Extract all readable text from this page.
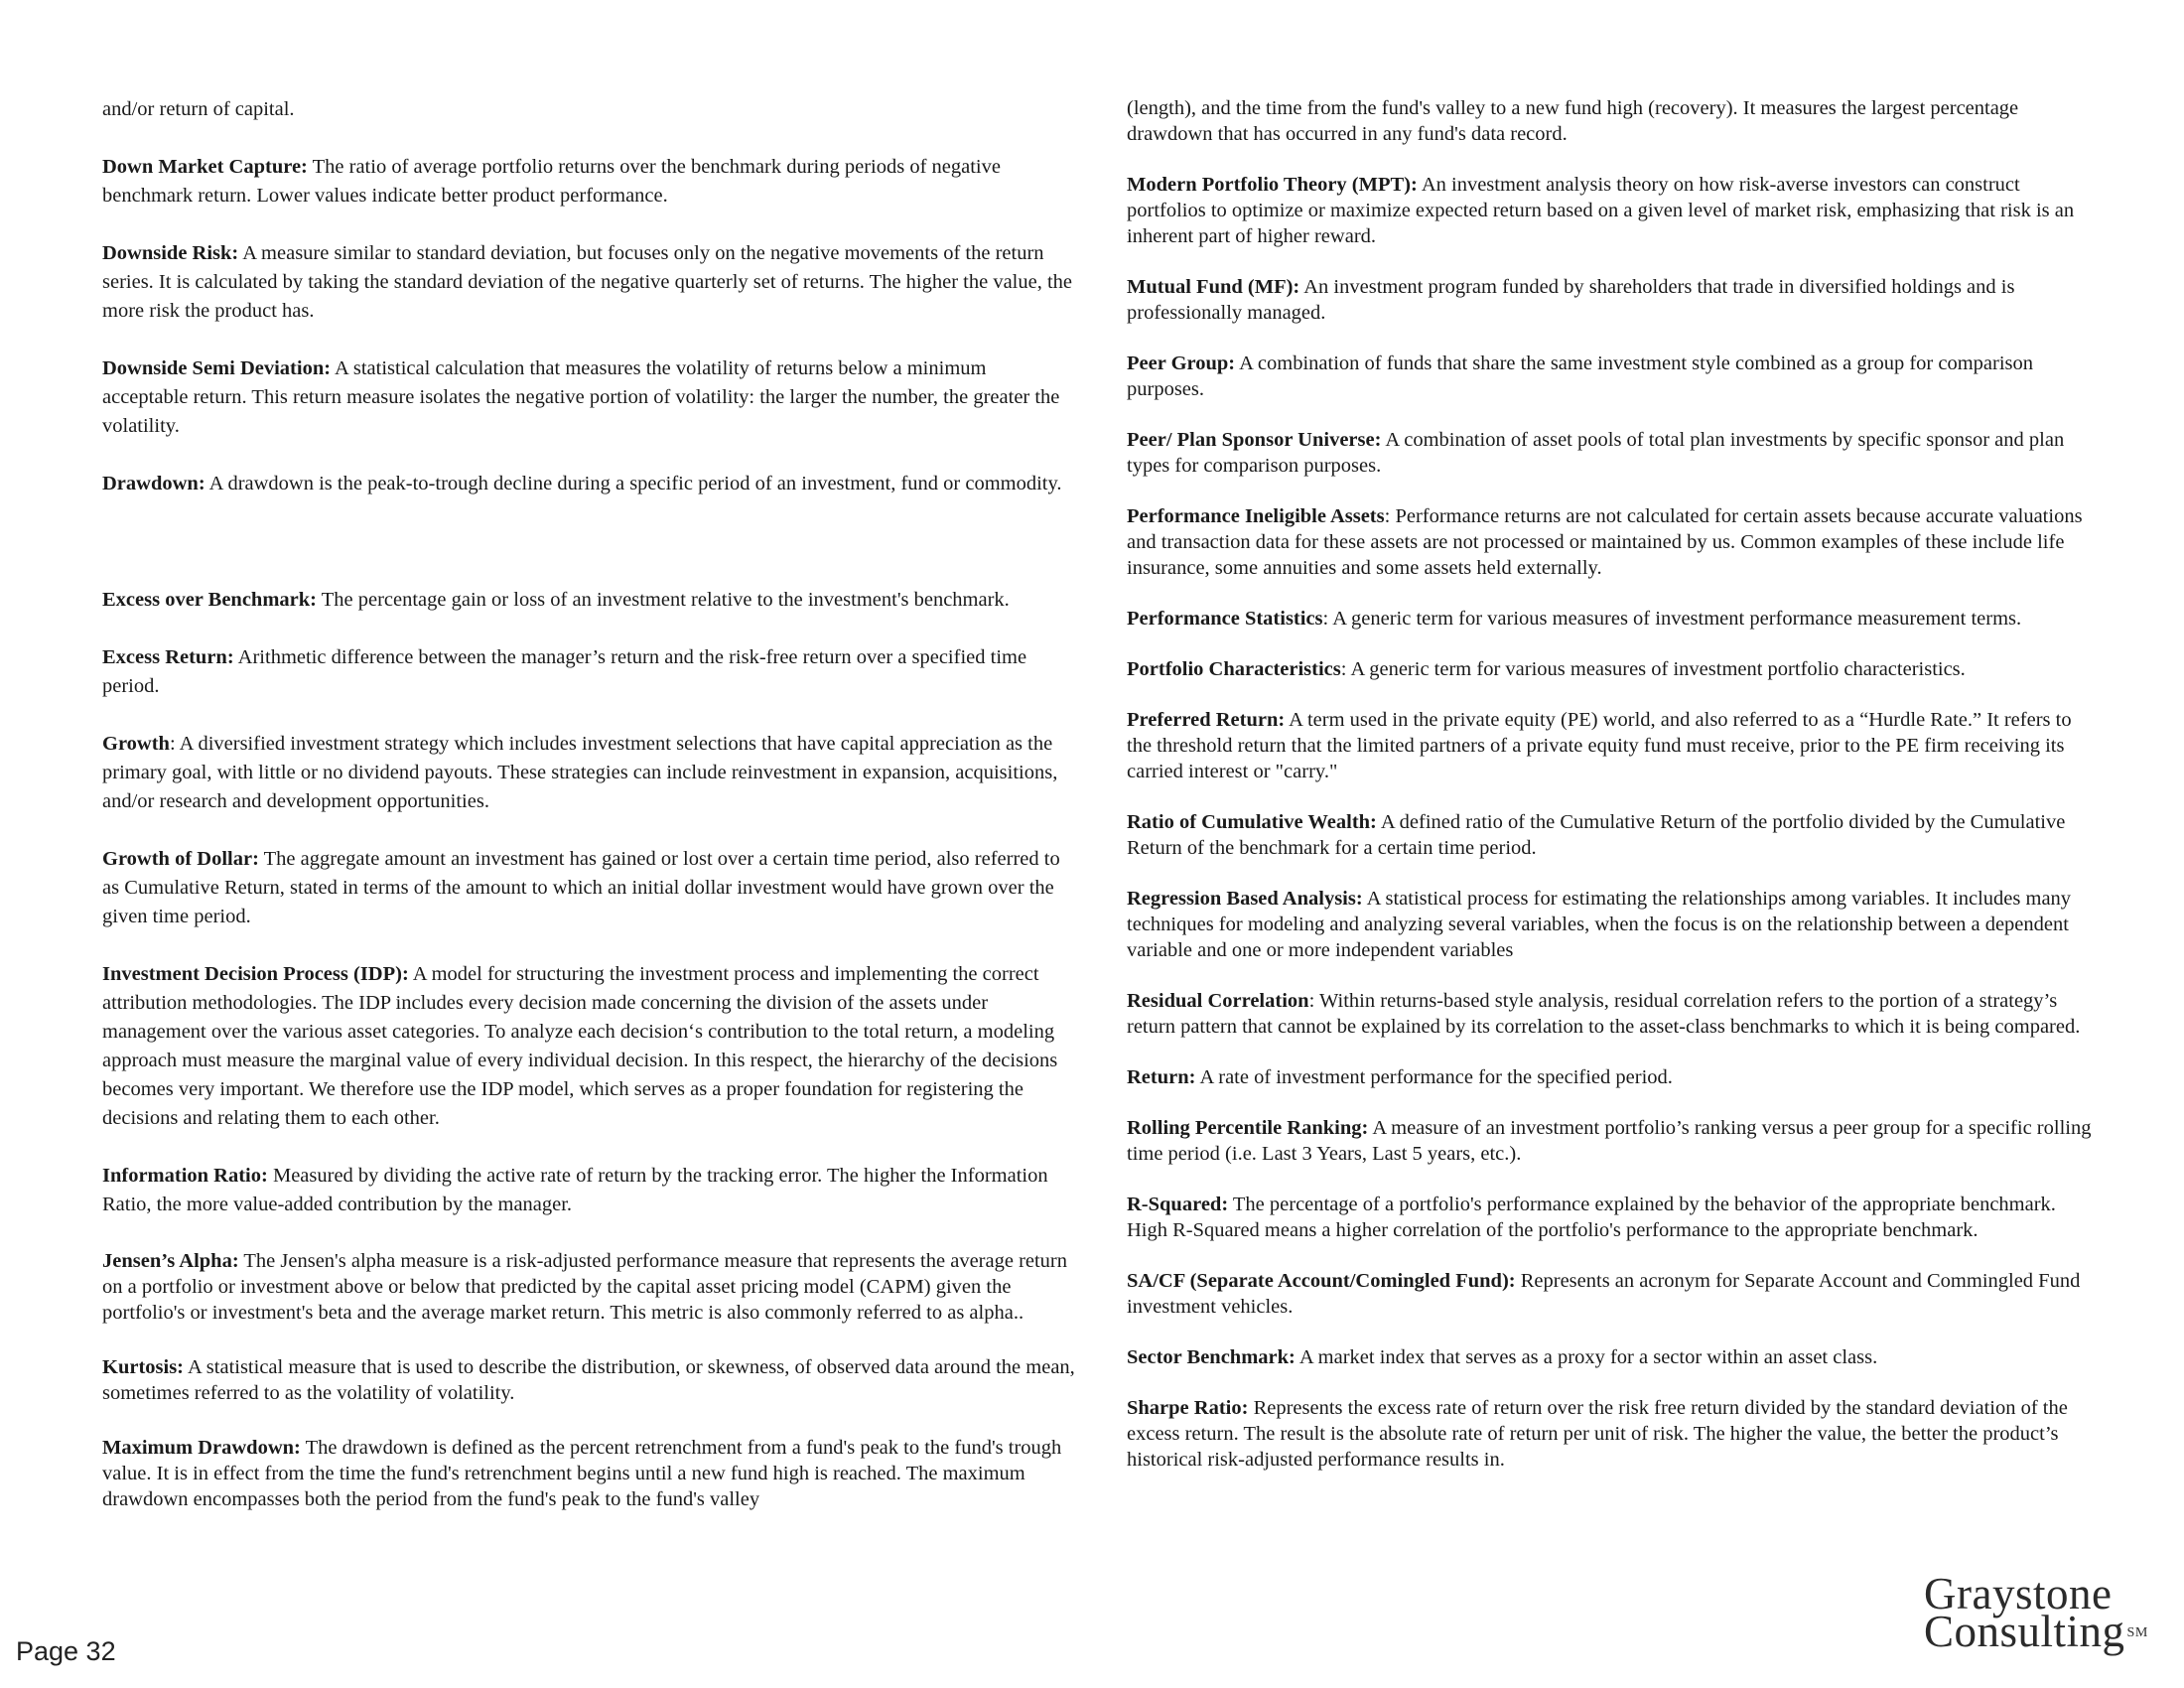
and/or return of capital.

Down Market Capture: The ratio of average portfolio returns over the benchmark during periods of negative benchmark return. Lower values indicate better product performance.

Downside Risk: A measure similar to standard deviation, but focuses only on the negative movements of the return series. It is calculated by taking the standard deviation of the negative quarterly set of returns. The higher the value, the more risk the product has.

Downside Semi Deviation: A statistical calculation that measures the volatility of returns below a minimum acceptable return. This return measure isolates the negative portion of volatility: the larger the number, the greater the volatility.

Drawdown: A drawdown is the peak-to-trough decline during a specific period of an investment, fund or commodity.

Excess over Benchmark: The percentage gain or loss of an investment relative to the investment's benchmark.

Excess Return: Arithmetic difference between the manager’s return and the risk-free return over a specified time period.

Growth: A diversified investment strategy which includes investment selections that have capital appreciation as the primary goal, with little or no dividend payouts. These strategies can include reinvestment in expansion, acquisitions, and/or research and development opportunities.

Growth of Dollar: The aggregate amount an investment has gained or lost over a certain time period, also referred to as Cumulative Return, stated in terms of the amount to which an initial dollar investment would have grown over the given time period.

Investment Decision Process (IDP): A model for structuring the investment process and implementing the correct attribution methodologies. The IDP includes every decision made concerning the division of the assets under management over the various asset categories. To analyze each decision‘s contribution to the total return, a modeling approach must measure the marginal value of every individual decision. In this respect, the hierarchy of the decisions becomes very important. We therefore use the IDP model, which serves as a proper foundation for registering the decisions and relating them to each other.

Information Ratio: Measured by dividing the active rate of return by the tracking error. The higher the Information Ratio, the more value-added contribution by the manager.

Jensen’s Alpha: The Jensen's alpha measure is a risk-adjusted performance measure that represents the average return on a portfolio or investment above or below that predicted by the capital asset pricing model (CAPM) given the portfolio's or investment's beta and the average market return. This metric is also commonly referred to as alpha..

Kurtosis: A statistical measure that is used to describe the distribution, or skewness, of observed data around the mean, sometimes referred to as the volatility of volatility.

Maximum Drawdown: The drawdown is defined as the percent retrenchment from a fund's peak to the fund's trough value. It is in effect from the time the fund's retrenchment begins until a new fund high is reached. The maximum drawdown encompasses both the period from the fund's peak to the fund's valley

(length), and the time from the fund's valley to a new fund high (recovery). It measures the largest percentage drawdown that has occurred in any fund's data record.

Modern Portfolio Theory (MPT): An investment analysis theory on how risk-averse investors can construct portfolios to optimize or maximize expected return based on a given level of market risk, emphasizing that risk is an inherent part of higher reward.

Mutual Fund (MF): An investment program funded by shareholders that trade in diversified holdings and is professionally managed.

Peer Group: A combination of funds that share the same investment style combined as a group for comparison purposes.

Peer/ Plan Sponsor Universe: A combination of asset pools of total plan investments by specific sponsor and plan types for comparison purposes.

Performance Ineligible Assets: Performance returns are not calculated for certain assets because accurate valuations and transaction data for these assets are not processed or maintained by us. Common examples of these include life insurance, some annuities and some assets held externally.

Performance Statistics: A generic term for various measures of investment performance measurement terms.

Portfolio Characteristics: A generic term for various measures of investment portfolio characteristics.

Preferred Return: A term used in the private equity (PE) world, and also referred to as a “Hurdle Rate.” It refers to the threshold return that the limited partners of a private equity fund must receive, prior to the PE firm receiving its carried interest or "carry."

Ratio of Cumulative Wealth: A defined ratio of the Cumulative Return of the portfolio divided by the Cumulative Return of the benchmark for a certain time period.

Regression Based Analysis: A statistical process for estimating the relationships among variables. It includes many techniques for modeling and analyzing several variables, when the focus is on the relationship between a dependent variable and one or more independent variables

Residual Correlation: Within returns-based style analysis, residual correlation refers to the portion of a strategy’s return pattern that cannot be explained by its correlation to the asset-class benchmarks to which it is being compared.

Return: A rate of investment performance for the specified period.

Rolling Percentile Ranking: A measure of an investment portfolio’s ranking versus a peer group for a specific rolling time period (i.e. Last 3 Years, Last 5 years, etc.).

R-Squared: The percentage of a portfolio's performance explained by the behavior of the appropriate benchmark. High R-Squared means a higher correlation of the portfolio's performance to the appropriate benchmark.

SA/CF (Separate Account/Comingled Fund): Represents an acronym for Separate Account and Commingled Fund investment vehicles.

Sector Benchmark: A market index that serves as a proxy for a sector within an asset class.

Sharpe Ratio: Represents the excess rate of return over the risk free return divided by the standard deviation of the excess return. The result is the absolute rate of return per unit of risk. The higher the value, the better the product’s historical risk-adjusted performance results in.

Page 32
Graystone
Consulting ℠
